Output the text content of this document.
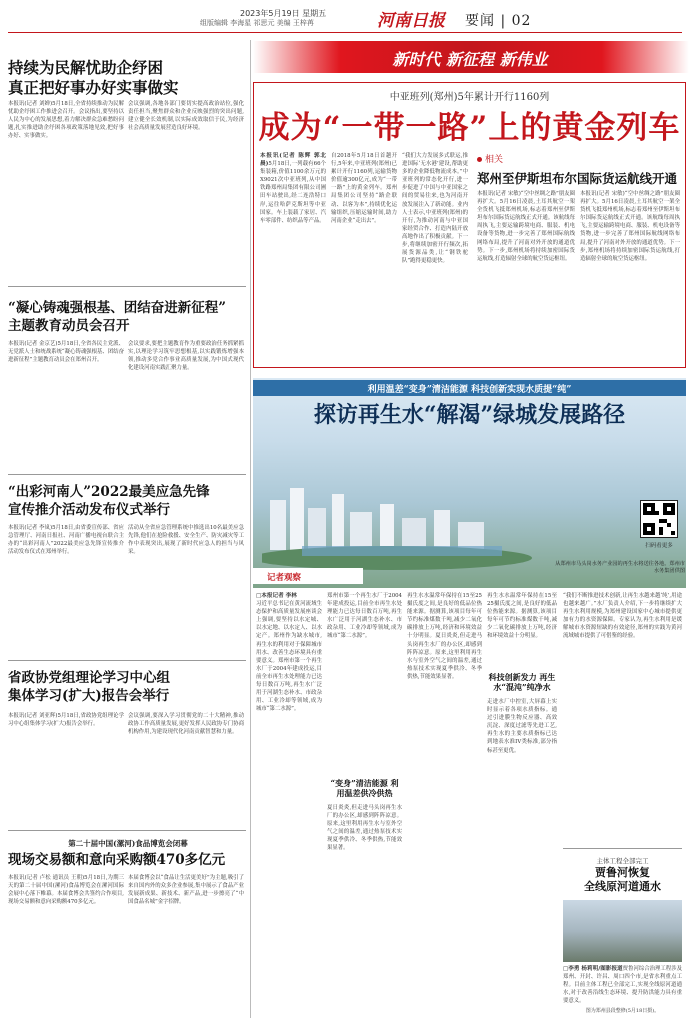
2023年5月19日 星期五
组版编辑 李海星 祁思元 美编 王梓苒	河南日报 要闻 | 02
新时代 新征程 新伟业
中亚班列(郑州)5年累计开行1160列
成为“一带一路”上的黄金列车
本报讯(记者 陈辉 郭北晨)5月18日,一列载有66个集装箱,价值1100余万元的X9021次中亚班列,从中国铁路郑州局集团有限公司圃田车站驶出,经二连浩特口岸,运往哈萨克斯坦等中亚国家。车上装载了家居、汽车零部件、纺织品等产品。
自2018年5月18日首趟开行,5年来,中亚班列(郑州)已累计开行1160列,运输货物价值逾300亿元,成为“一带一路”上的黄金列车。郑州局集团公司坚持“路企联动、以客为本”,持续优化运输组织,压缩运输时间,助力河南企业“走出去”。
“我们大力发展多式联运,推进国际‘无水港’建设,帮助更多的企业降低物流成本。”中亚班列的常态化开行,进一步促进了中国与中亚国家之间的贸易往来,也为河南开放发展注入了新动能。业内人士表示,中亚班列(郑州)的开行,为推动河南与中亚国家经贸合作、打造内陆开放高地作出了积极贡献。下一步,将继续加密开行频次,拓展货源品类,让“钢铁驼队”跑得更稳更快。
相关
郑州至伊斯坦布尔国际货运航线开通
本报讯(记者 宋敏)“空中丝绸之路”朋友圈再扩大。5月16日凌晨,土耳其航空一架全货机飞抵郑州机场,标志着郑州至伊斯坦布尔国际货运航线正式开通。该航线每周执飞,主要运输跨境电商、服装、机电设备等货物,进一步完善了郑州国际航线网络布局,提升了河南对外开放的通道优势。下一步,郑州机场将持续加密国际货运航线,打造辐射全球的航空货运枢纽。
本报讯(记者 宋敏)“空中丝绸之路”朋友圈再扩大。5月16日凌晨,土耳其航空一架全货机飞抵郑州机场,标志着郑州至伊斯坦布尔国际货运航线正式开通。该航线每周执飞,主要运输跨境电商、服装、机电设备等货物,进一步完善了郑州国际航线网络布局,提升了河南对外开放的通道优势。下一步,郑州机场将持续加密国际货运航线,打造辐射全球的航空货运枢纽。
持续为民解忧助企纾困
真正把好事办好实事做实
本报讯(记者 刘婵)5月18日,全省持续推动为民解忧助企纾困工作推进会召开。会议指出,要坚持以人民为中心的发展思想,着力解决群众急难愁盼问题,扎实推进助企纾困各项政策落地见效,把好事办好、实事做实。
会议强调,各地各部门要切实提高政治站位,强化责任担当,聚焦群众和企业反映强烈的突出问题,建立健全长效机制,以实际成效取信于民,为经济社会高质量发展营造良好环境。
“凝心铸魂强根基、团结奋进新征程”
主题教育动员会召开
本报讯(记者 金京艺)5月18日,全省各民主党派、无党派人士和统战系统“凝心铸魂强根基、团结奋进新征程”主题教育动员会在郑州召开。
会议要求,要把主题教育作为重要政治任务抓紧抓实,以理论学习筑牢思想根基,以实践锻炼增强本领,推动多党合作事业高质量发展,为中国式现代化建设河南实践汇聚力量。
“出彩河南人”2022最美应急先锋
宣传推介活动发布仪式举行
本报讯(记者 李岚)5月18日,由省委宣传部、省应急管理厅、河南日报社、河南广播电视台联合主办的“出彩河南人”2022最美应急先锋宣传推介活动发布仪式在郑州举行。
活动从全省应急管理系统中推选出10名最美应急先锋,他们在抢险救援、安全生产、防灾减灾等工作中表现突出,展现了新时代应急人的担当与风采。
省政协党组理论学习中心组
集体学习(扩大)报告会举行
本报讯(记者 刘亚辉)5月18日,省政协党组理论学习中心组集体学习(扩大)报告会举行。
会议强调,要深入学习贯彻党的二十大精神,推动政协工作高质量发展,更好发挥人民政协专门协商机构作用,为建设现代化河南贡献智慧和力量。
第二十届中国(漯河)食品博览会闭幕
现场交易额和意向采购额470多亿元
本报讯(记者 卢松 通讯员 王朝)5月18日,为期三天的第二十届中国(漯河)食品博览会在漯河国际会展中心落下帷幕。本届食博会共签约合作项目,现场交易额和意向采购额470多亿元。
本届食博会以“食品让生活更美好”为主题,吸引了来自国内外的众多企业参展,集中展示了食品产业发展新成果、新技术、新产品,进一步擦亮了“中国食品名城”金字招牌。
利用温差“变身”清洁能源 科技创新实现水质提“纯”
探访再生水“解渴”绿城发展路径
扫码看更多
从郑州市马头岗水务产业园的再生水将送往各地。郑州市水务集团供图
记者观察
□本报记者 李林
习近平总书记在黄河流域生态保护和高质量发展座谈会上强调,要坚持以水定城、以水定地、以水定人、以水定产。郑州作为缺水城市,再生水的利用对于保障城市用水、改善生态环境具有重要意义。郑州市第一个再生水厂于2004年建成投运,目前全市再生水处理能力已达每日数百万吨,再生水广泛用于河湖生态补水、市政杂用、工业冷却等领域,成为城市“第二水源”。
郑州市第一个再生水厂于2004年建成投运,目前全市再生水处理能力已达每日数百万吨,再生水广泛用于河湖生态补水、市政杂用、工业冷却等领域,成为城市“第二水源”。
“变身”清洁能源 利用温差供冷供热
夏日炎炎,但走进马头岗再生水厂的办公区,却感到阵阵凉意。原来,这里利用再生水与室外空气之间的温差,通过热泵技术实现夏季供冷、冬季供热,节能效果显著。
再生水水温常年保持在15至25摄氏度之间,是良好的低品位热能来源。据测算,该项目每年可节约标准煤数千吨,减少二氧化碳排放上万吨,经济和环境效益十分明显。夏日炎炎,但走进马头岗再生水厂的办公区,却感到阵阵凉意。原来,这里利用再生水与室外空气之间的温差,通过热泵技术实现夏季供冷、冬季供热,节能效果显著。
再生水水温常年保持在15至25摄氏度之间,是良好的低品位热能来源。据测算,该项目每年可节约标准煤数千吨,减少二氧化碳排放上万吨,经济和环境效益十分明显。
科技创新发力 再生水“混沌”纯净水
走进水厂中控室,大屏幕上实时显示着各项水质指标。通过引进膜生物反应器、高效沉淀、深度过滤等先进工艺,再生水的主要水质指标已达到地表水准IV类标准,部分指标甚至更优。
“我们不断推进技术创新,让再生水越来越‘纯’,用途也越来越广。”水厂负责人介绍,下一步将继续扩大再生水利用规模,为郑州建设国家中心城市提供更加有力的水资源保障。专家认为,再生水利用是缓解城市水资源短缺的有效途径,郑州的实践为黄河流域城市提供了可借鉴的经验。
主体工程全部完工
贾鲁河恢复
全线原河道通水
□李勇 杨莉明/图影报道贾鲁河综合治理工程涉及郑州、开封、许昌、周口四个市,是省水利重点工程。目前主体工程已全部完工,实现全线原河道通水,对于改善沿线生态环境、提升防洪能力具有重要意义。
图为郑州县段整修(5月18日摄)。
